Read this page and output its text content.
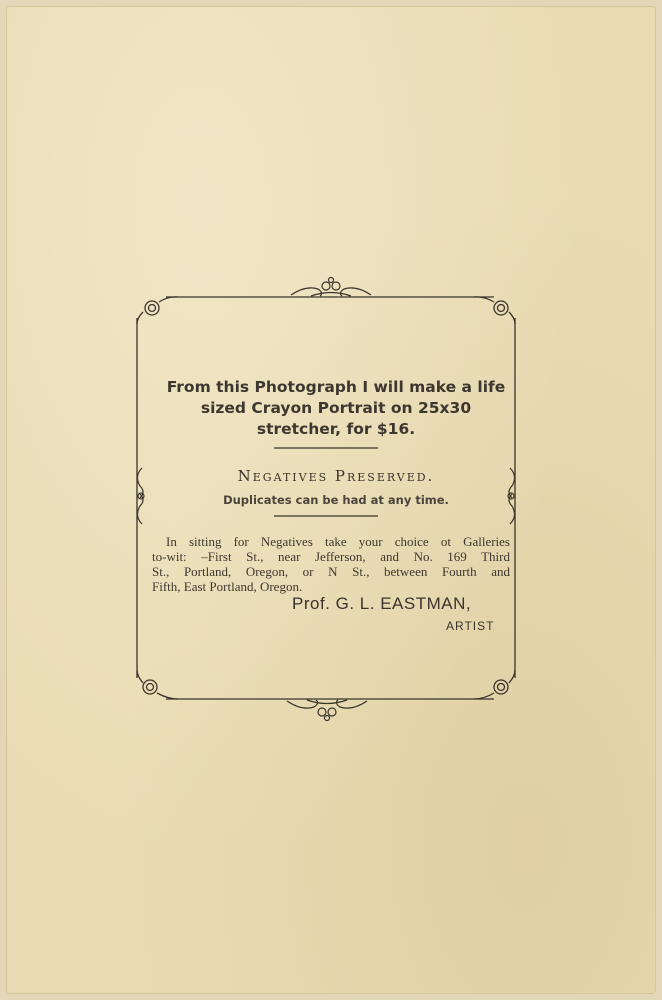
From this Photograph I will make a life
sized Crayon Portrait on 25x30
stretcher, for $16.
Negatives Preserved.
Duplicates can be had at any time.
In sitting for Negatives take your choice ot Galleries
to-wit: –First St., near Jefferson, and No. 169 Third
St., Portland, Oregon, or N St., between Fourth and
Fifth, East Portland, Oregon.
Prof. G. L. EASTMAN,
ARTIST
